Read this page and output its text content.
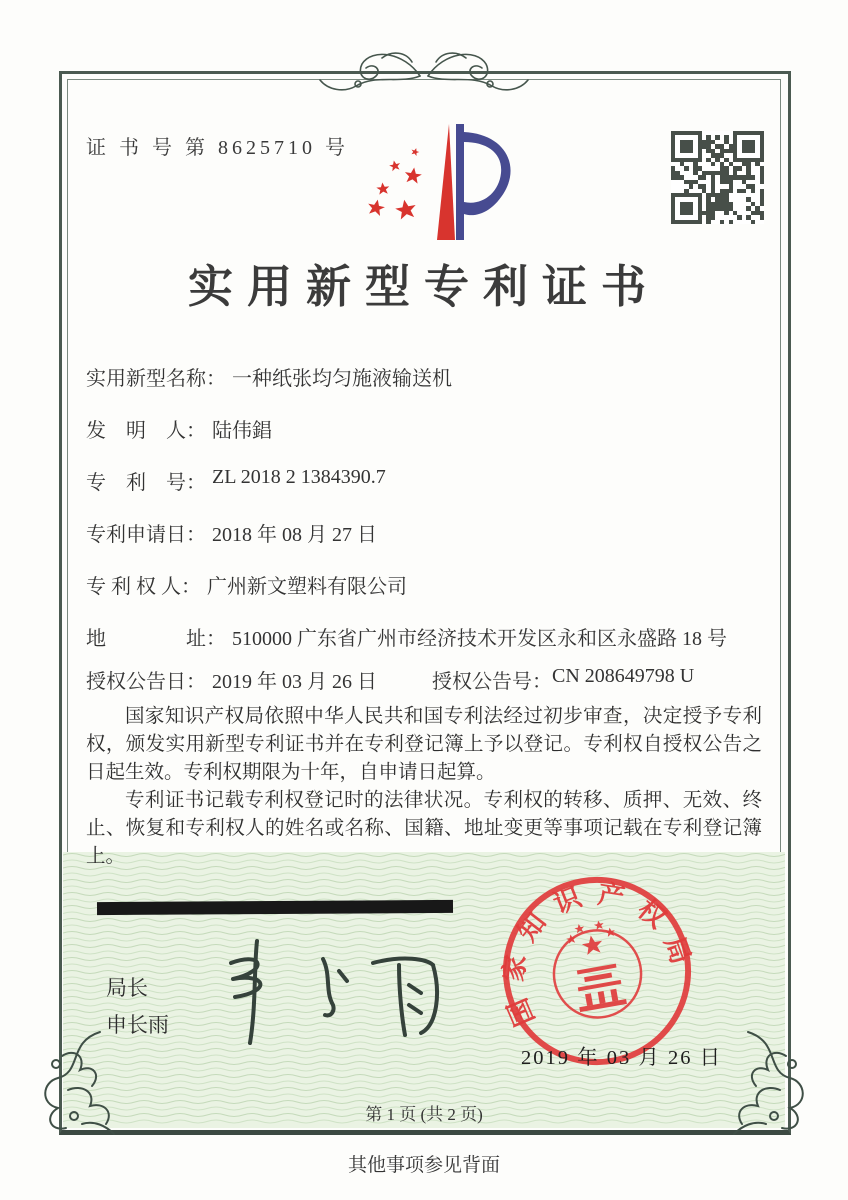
证 书 号 第 8625710 号
实用新型专利证书
实用新型名称： 一种纸张均匀施液输送机
发　明　人： 陆伟錩
专　利　号： ZL 2018 2 1384390.7
专利申请日： 2018 年 08 月 27 日
专 利 权 人： 广州新文塑料有限公司
地　　　　址： 510000 广东省广州市经济技术开发区永和区永盛路 18 号
授权公告日： 2019 年 03 月 26 日	授权公告号： CN 208649798 U

国家知识产权局依照中华人民共和国专利法经过初步审查，决定授予专利权，颁发实用新型专利证书并在专利登记簿上予以登记。专利权自授权公告之日起生效。专利权期限为十年，自申请日起算。

专利证书记载专利权登记时的法律状况。专利权的转移、质押、无效、终止、恢复和专利权人的姓名或名称、国籍、地址变更等事项记载在专利登记簿上。

局长
申长雨	国家知识产权局
2019 年 03 月 26 日
第 1 页 (共 2 页)
其他事项参见背面
